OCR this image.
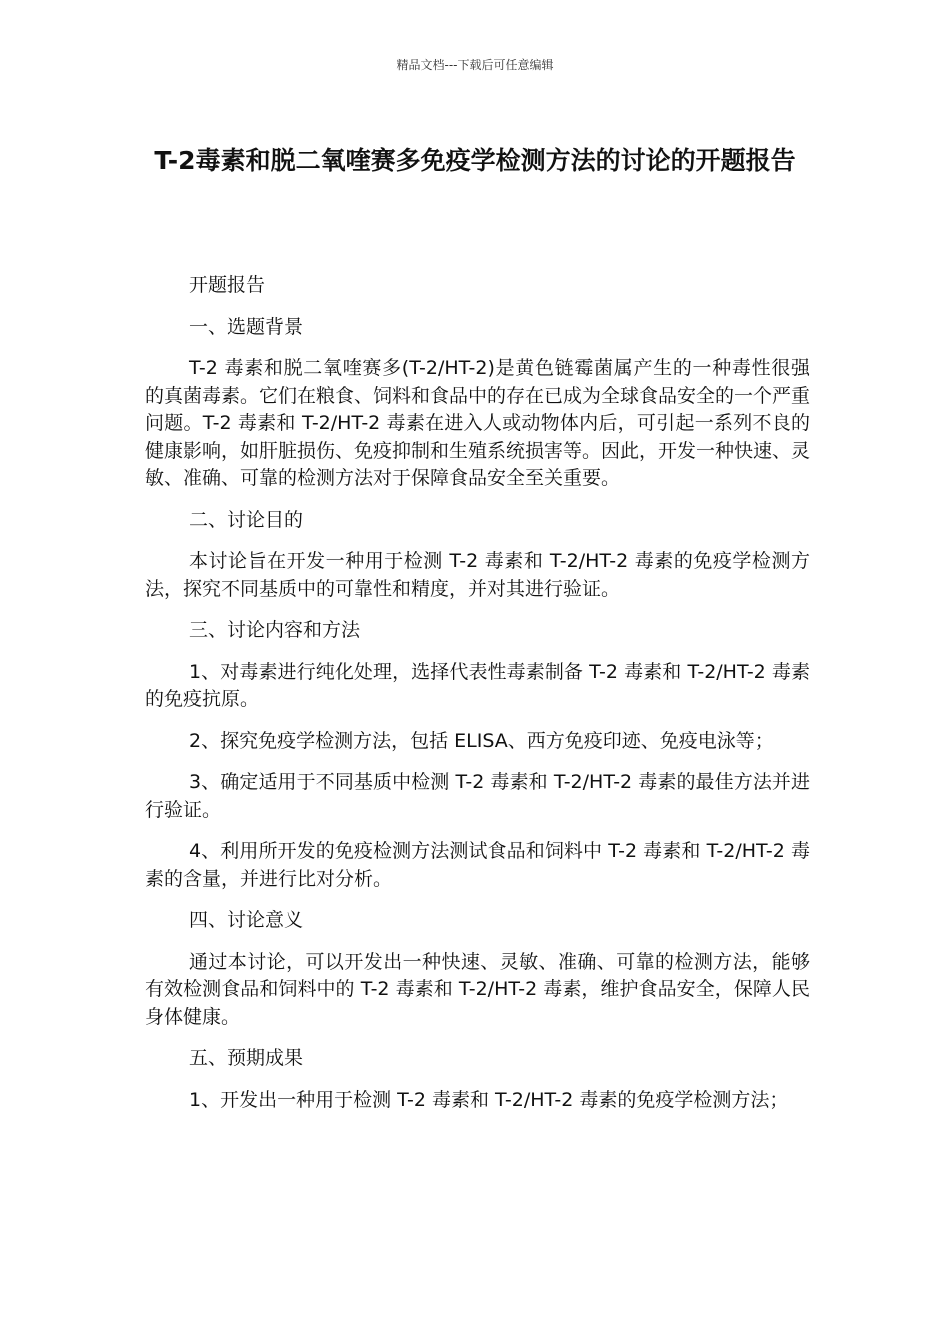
精品文档---下载后可任意编辑
T-2毒素和脱二氧喹赛多免疫学检测方法的讨论的开题报告

开题报告

一、选题背景

T-2 毒素和脱二氧喹赛多(T-2/HT-2)是黄色链霉菌属产生的一种毒性很强的真菌毒素。它们在粮食、饲料和食品中的存在已成为全球食品安全的一个严重问题。T-2 毒素和 T-2/HT-2 毒素在进入人或动物体内后，可引起一系列不良的健康影响，如肝脏损伤、免疫抑制和生殖系统损害等。因此，开发一种快速、灵敏、准确、可靠的检测方法对于保障食品安全至关重要。

二、讨论目的

本讨论旨在开发一种用于检测 T-2 毒素和 T-2/HT-2 毒素的免疫学检测方法，探究不同基质中的可靠性和精度，并对其进行验证。

三、讨论内容和方法

1、对毒素进行纯化处理，选择代表性毒素制备 T-2 毒素和 T-2/HT-2 毒素的免疫抗原。

2、探究免疫学检测方法，包括 ELISA、西方免疫印迹、免疫电泳等；

3、确定适用于不同基质中检测 T-2 毒素和 T-2/HT-2 毒素的最佳方法并进行验证。

4、利用所开发的免疫检测方法测试食品和饲料中 T-2 毒素和 T-2/HT-2 毒素的含量，并进行比对分析。

四、讨论意义

通过本讨论，可以开发出一种快速、灵敏、准确、可靠的检测方法，能够有效检测食品和饲料中的 T-2 毒素和 T-2/HT-2 毒素，维护食品安全，保障人民身体健康。

五、预期成果

1、开发出一种用于检测 T-2 毒素和 T-2/HT-2 毒素的免疫学检测方法；
